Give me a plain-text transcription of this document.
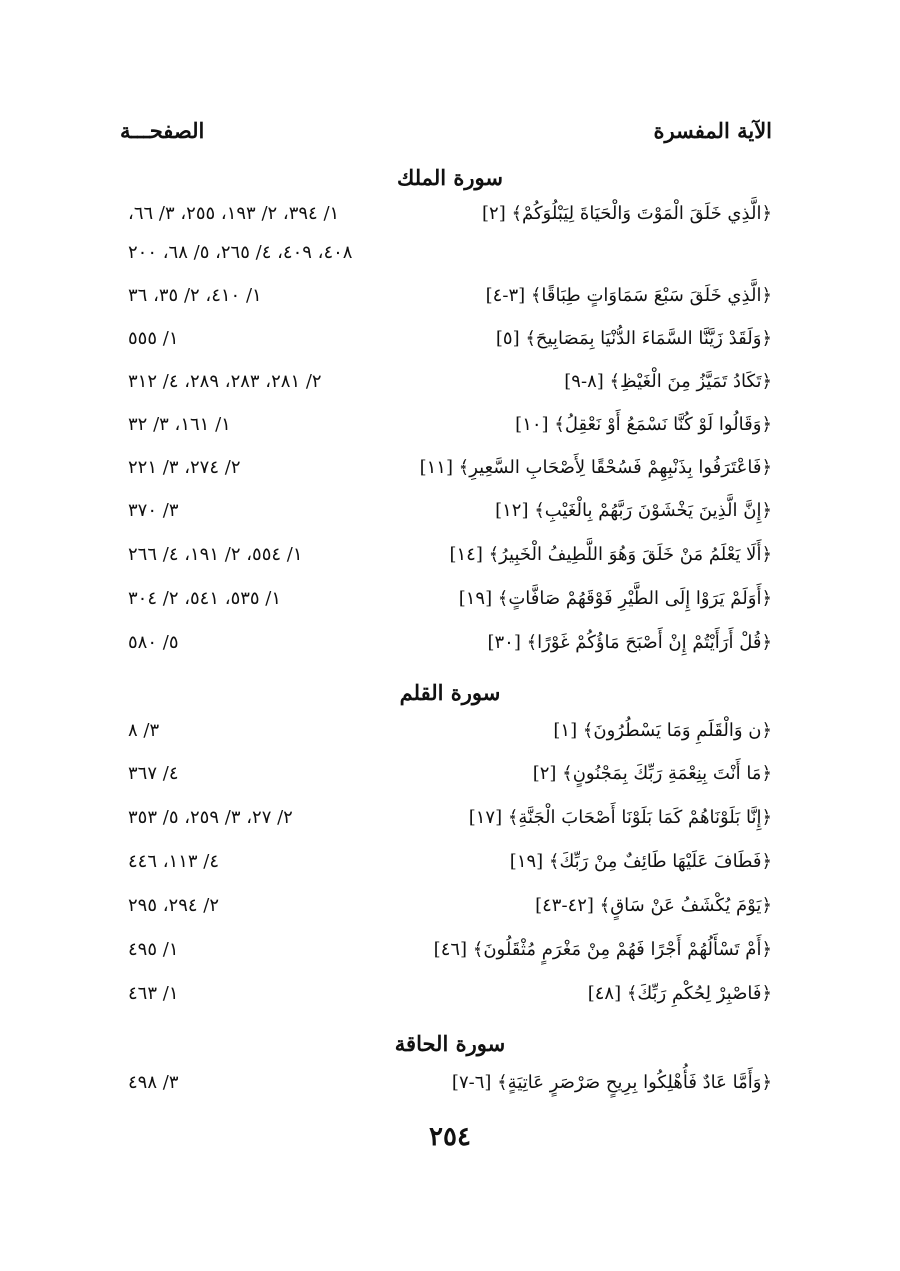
الآية المفسرة
الصفحـــة
سورة الملك
﴿الَّذِي خَلَقَ الْمَوْتَ وَالْحَيَاةَ لِيَبْلُوَكُمْ﴾ [٢]
١/ ٣٩٤، ٢/ ١٩٣، ٢٥٥، ٣/ ٦٦،
٤٠٨، ٤٠٩، ٤/ ٢٦٥، ٥/ ٦٨، ٢٠٠
﴿الَّذِي خَلَقَ سَبْعَ سَمَاوَاتٍ طِبَاقًا﴾ [٣-٤]
١/ ٤١٠، ٢/ ٣٥، ٣٦
﴿وَلَقَدْ زَيَّنَّا السَّمَاءَ الدُّنْيَا بِمَصَابِيحَ﴾ [٥]
١/ ٥٥٥
﴿تَكَادُ تَمَيَّزُ مِنَ الْغَيْظِ﴾ [٨-٩]
٢/ ٢٨١، ٢٨٣، ٢٨٩، ٤/ ٣١٢
﴿وَقَالُوا لَوْ كُنَّا نَسْمَعُ أَوْ نَعْقِلُ﴾ [١٠]
١/ ١٦١، ٣/ ٣٢
﴿فَاعْتَرَفُوا بِذَنْبِهِمْ فَسُحْقًا لِأَصْحَابِ السَّعِيرِ﴾ [١١]
٢/ ٢٧٤، ٣/ ٢٢١
﴿إِنَّ الَّذِينَ يَخْشَوْنَ رَبَّهُمْ بِالْغَيْبِ﴾ [١٢]
٣/ ٣٧٠
﴿أَلَا يَعْلَمُ مَنْ خَلَقَ وَهُوَ اللَّطِيفُ الْخَبِيرُ﴾ [١٤]
١/ ٥٥٤، ٢/ ١٩١، ٤/ ٢٦٦
﴿أَوَلَمْ يَرَوْا إِلَى الطَّيْرِ فَوْقَهُمْ صَافَّاتٍ﴾ [١٩]
١/ ٥٣٥، ٥٤١، ٢/ ٣٠٤
﴿قُلْ أَرَأَيْتُمْ إِنْ أَصْبَحَ مَاؤُكُمْ غَوْرًا﴾ [٣٠]
٥/ ٥٨٠
سورة القلم
﴿ن وَالْقَلَمِ وَمَا يَسْطُرُونَ﴾ [١]
٣/ ٨
﴿مَا أَنْتَ بِنِعْمَةِ رَبِّكَ بِمَجْنُونٍ﴾ [٢]
٤/ ٣٦٧
﴿إِنَّا بَلَوْنَاهُمْ كَمَا بَلَوْنَا أَصْحَابَ الْجَنَّةِ﴾ [١٧]
٢/ ٢٧، ٣/ ٢٥٩، ٥/ ٣٥٣
﴿فَطَافَ عَلَيْهَا طَائِفٌ مِنْ رَبِّكَ﴾ [١٩]
٤/ ١١٣، ٤٤٦
﴿يَوْمَ يُكْشَفُ عَنْ سَاقٍ﴾ [٤٢-٤٣]
٢/ ٢٩٤، ٢٩٥
﴿أَمْ تَسْأَلُهُمْ أَجْرًا فَهُمْ مِنْ مَغْرَمٍ مُثْقَلُونَ﴾ [٤٦]
١/ ٤٩٥
﴿فَاصْبِرْ لِحُكْمِ رَبِّكَ﴾ [٤٨]
١/ ٤٦٣
سورة الحاقة
﴿وَأَمَّا عَادٌ فَأُهْلِكُوا بِرِيحٍ صَرْصَرٍ عَاتِيَةٍ﴾ [٦-٧]
٣/ ٤٩٨
٢٥٤
